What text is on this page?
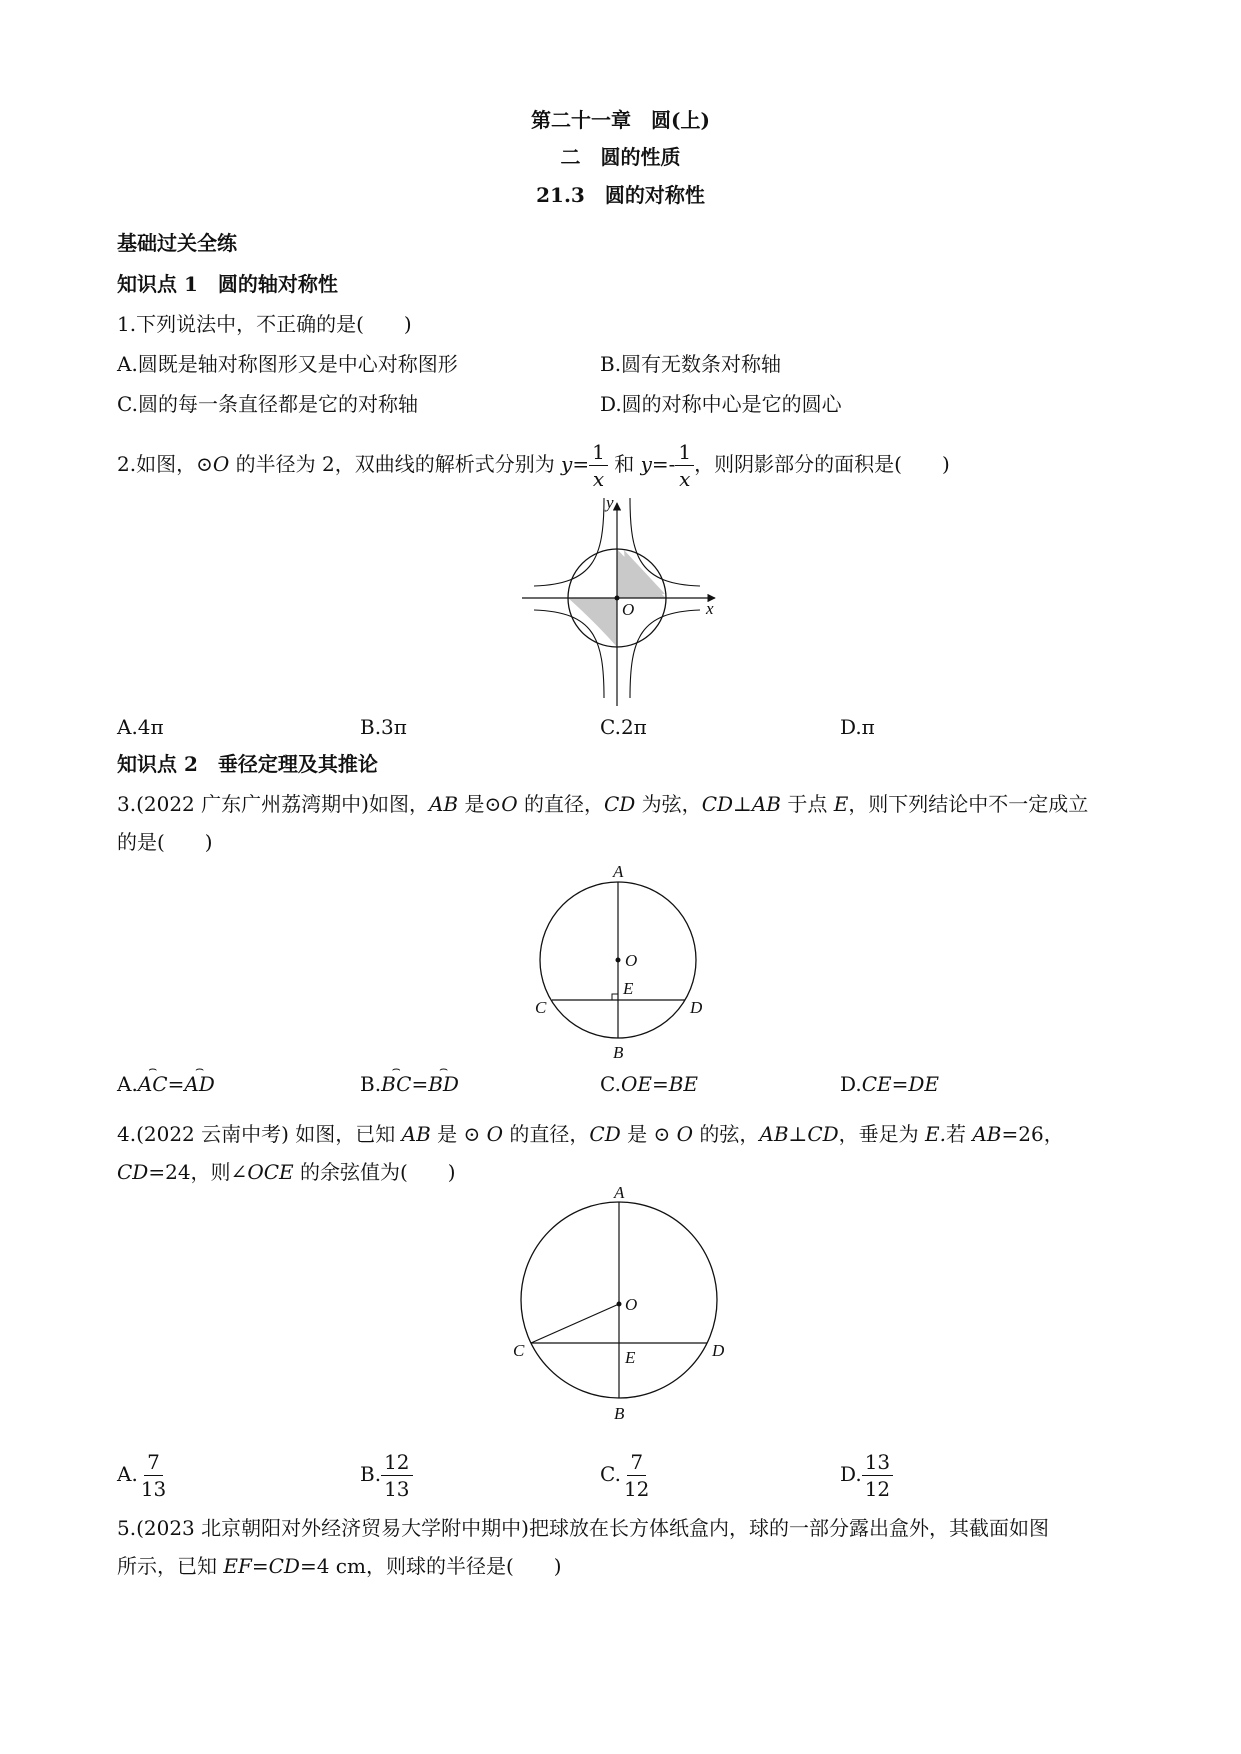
第二十一章　圆(上)
二　圆的性质
21.3　圆的对称性
基础过关全练
知识点 1　圆的轴对称性
1.下列说法中，不正确的是(　　)
A.圆既是轴对称图形又是中心对称图形	B.圆有无数条对称轴
C.圆的每一条直径都是它的对称轴	D.圆的对称中心是它的圆心
2.如图，⊙O 的半径为 2，双曲线的解析式分别为 $y= \frac{1}{x}$ 和 $y=- \frac{1}{x}$ ，则阴影部分的面积是(　　)
y
x
O
A.4π	B.3π	C.2π	D.π
知识点 2　垂径定理及其推论
3.(2022 广东广州荔湾期中)如图，AB 是⊙O 的直径，CD 为弦，CD⊥AB 于点 E，则下列结论中不一定成立
的是(　　)
A
O
E
C	D
B
A.⌢ AC=⌢ AD	B.⌢ BC=⌢ BD	C.OE=BE	D.CE=DE
4.(2022 云南中考) 如图，已知 AB 是 ⊙ O 的直径，CD 是 ⊙ O 的弦，AB⊥CD，垂足为 E.若 AB=26，
CD=24，则∠OCE 的余弦值为(　　)
A
O
C	D
E
B
A. $\frac{7}{13}$	B. $\frac{12}{13}$	C. $\frac{7}{12}$	D. $\frac{13}{12}$
5.(2023 北京朝阳对外经济贸易大学附中期中)把球放在长方体纸盒内，球的一部分露出盒外，其截面如图
所示，已知 EF=CD=4 cm，则球的半径是(　　)
